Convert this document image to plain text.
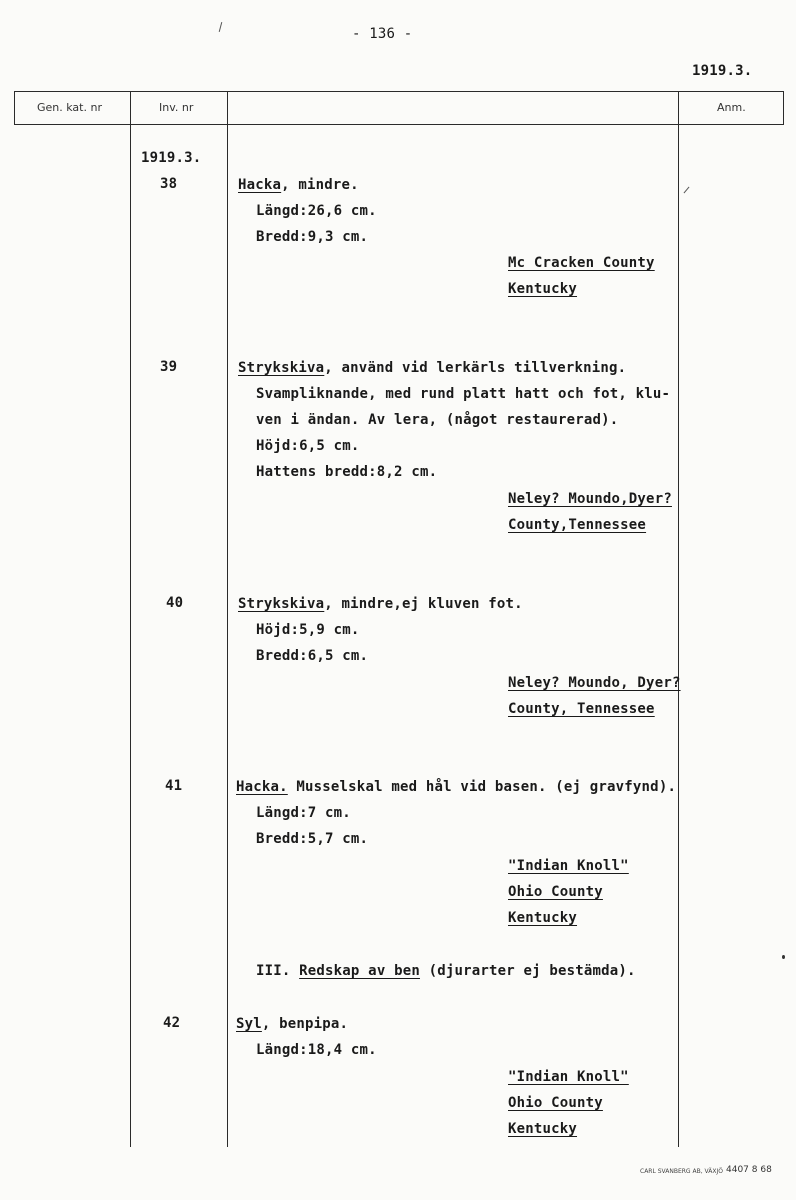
- 136 -
1919.3.
Gen. kat. nr	Inv. nr	Anm.
1919.3.
38	Hacka, mindre.
Längd:26,6 cm.
Bredd:9,3 cm.
Mc Cracken County
Kentucky
39	Strykskiva, använd vid lerkärls tillverkning.
Svampliknande, med rund platt hatt och fot, klu-
ven i ändan. Av lera, (något restaurerad).
Höjd:6,5 cm.
Hattens bredd:8,2 cm.
Neley? Moundo,Dyer?
County,Tennessee
40	Strykskiva, mindre,ej kluven fot.
Höjd:5,9 cm.
Bredd:6,5 cm.
Neley? Moundo, Dyer?
County, Tennessee
41	Hacka. Musselskal med hål vid basen. (ej gravfynd).
Längd:7 cm.
Bredd:5,7 cm.
"Indian Knoll"
Ohio County
Kentucky
III. Redskap av ben (djurarter ej bestämda).
42	Syl, benpipa.
Längd:18,4 cm.
"Indian Knoll"
Ohio County
Kentucky
CARL SVANBERG AB, VÄXJÖ 4407 8 68
